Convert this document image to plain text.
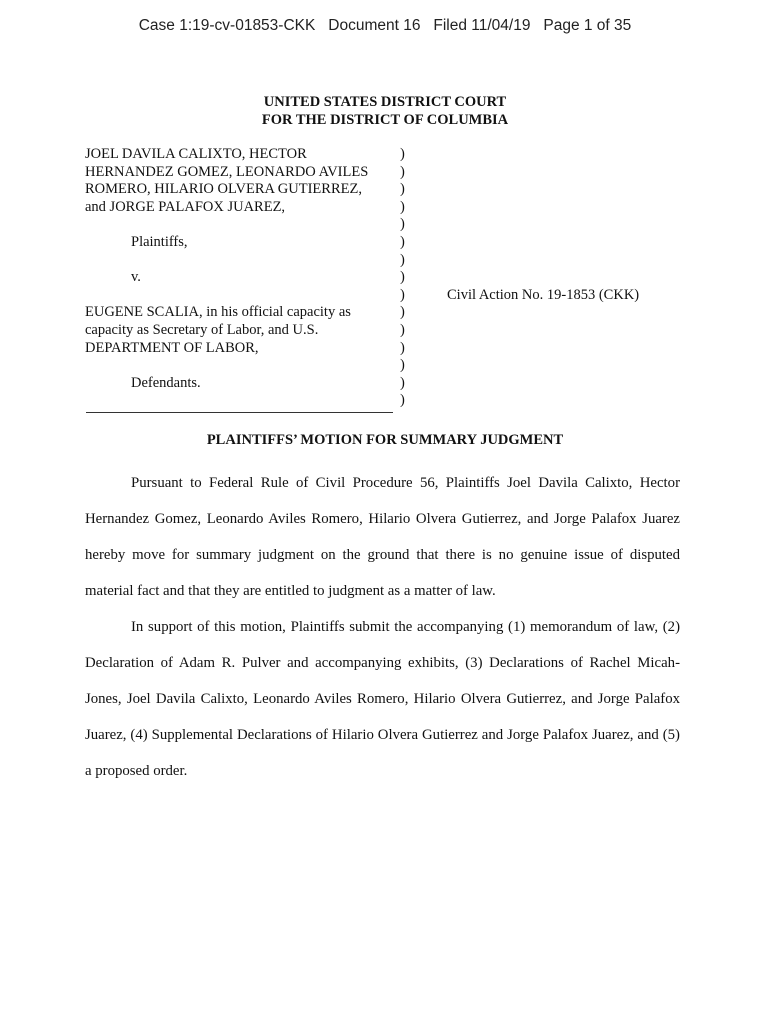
Case 1:19-cv-01853-CKK   Document 16   Filed 11/04/19   Page 1 of 35
UNITED STATES DISTRICT COURT
FOR THE DISTRICT OF COLUMBIA
JOEL DAVILA CALIXTO, HECTOR
HERNANDEZ GOMEZ, LEONARDO AVILES
ROMERO, HILARIO OLVERA GUTIERREZ,
and JORGE PALAFOX JUAREZ,
Plaintiffs,
v.
EUGENE SCALIA, in his official capacity as
capacity as Secretary of Labor, and U.S.
DEPARTMENT OF LABOR,
Defendants.
)
)
)
)
)
)
)
)
)
)
)
)
)
)
)
Civil Action No. 19-1853 (CKK)
PLAINTIFFS’ MOTION FOR SUMMARY JUDGMENT

Pursuant to Federal Rule of Civil Procedure 56, Plaintiffs Joel Davila Calixto, Hector Hernandez Gomez, Leonardo Aviles Romero, Hilario Olvera Gutierrez, and Jorge Palafox Juarez hereby move for summary judgment on the ground that there is no genuine issue of disputed material fact and that they are entitled to judgment as a matter of law.

In support of this motion, Plaintiffs submit the accompanying (1) memorandum of law, (2) Declaration of Adam R. Pulver and accompanying exhibits, (3) Declarations of Rachel Micah-Jones, Joel Davila Calixto, Leonardo Aviles Romero, Hilario Olvera Gutierrez, and Jorge Palafox Juarez, (4) Supplemental Declarations of Hilario Olvera Gutierrez and Jorge Palafox Juarez, and (5) a proposed order.
